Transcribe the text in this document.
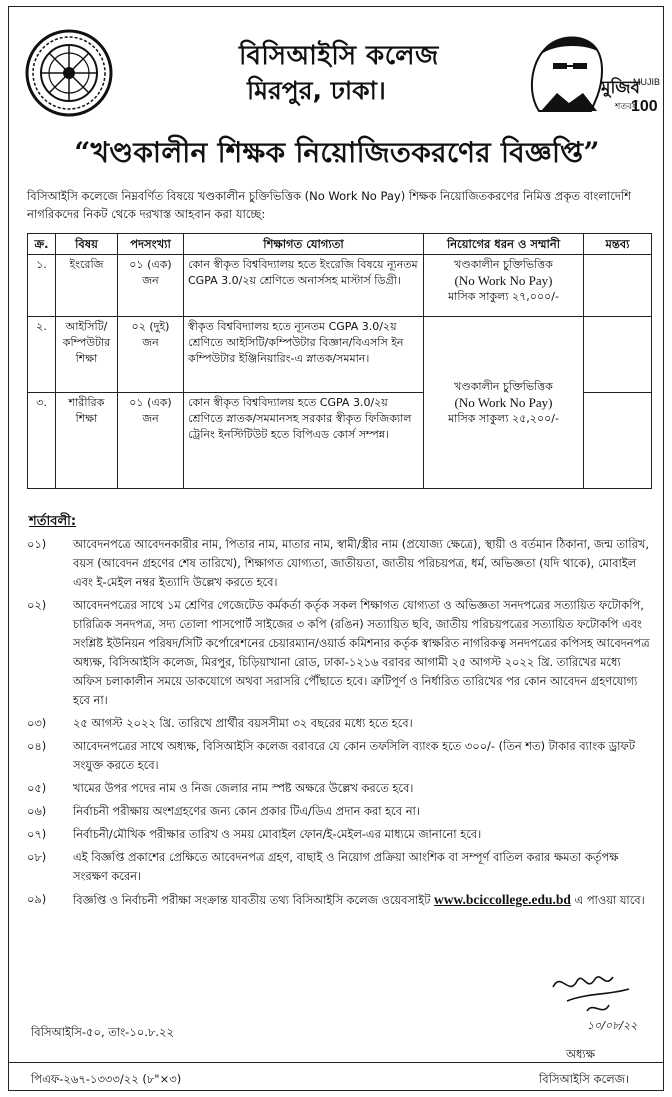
বিসিআইসি কলেজ
মিরপুর, ঢাকা।	মুজিব
শতবর্ষ
MUJIB
100
“খণ্ডকালীন শিক্ষক নিয়োজিতকরণের বিজ্ঞপ্তি”
বিসিআইসি কলেজে নিম্নবর্ণিত বিষয়ে খণ্ডকালীন চুক্তিভিত্তিক (No Work No Pay) শিক্ষক নিয়োজিতকরণের নিমিত্ত প্রকৃত বাংলাদেশি নাগরিকদের নিকট থেকে দরখাস্ত আহবান করা যাচ্ছে:
ক্র.	বিষয়	পদসংখ্যা	শিক্ষাগত যোগ্যতা	নিয়োগের ধরন ও সম্মানী	মন্তব্য
১.	ইংরেজি	০১ (এক) জন	কোন স্বীকৃত বিশ্ববিদ্যালয় হতে ইংরেজি বিষয়ে ন্যূনতম CGPA 3.0/২য় শ্রেণিতে অনার্সসহ মাস্টার্স ডিগ্রী।	খণ্ডকালীন চুক্তিভিত্তিক
(No Work No Pay)
মাসিক সাকুল্য ২৭,০০০/-	

২.	আইসিটি/ কম্পিউটার শিক্ষা	০২ (দুই) জন	স্বীকৃত বিশ্ববিদ্যালয় হতে ন্যূনতম CGPA 3.0/২য় শ্রেণিতে আইসিটি/কম্পিউটার বিজ্ঞান/বিএসসি ইন কম্পিউটার ইঞ্জিনিয়ারিং-এ স্নাতক/সমমান।	খণ্ডকালীন চুক্তিভিত্তিক
(No Work No Pay)
মাসিক সাকুল্য ২৫,২০০/-	

৩.	শারীরিক শিক্ষা	০১ (এক) জন	কোন স্বীকৃত বিশ্ববিদ্যালয় হতে CGPA 3.0/২য় শ্রেণিতে স্নাতক/সমমানসহ সরকার স্বীকৃত ফিজিক্যাল ট্রেনিং ইনস্টিটিউট হতে বিপিএড কোর্স সম্পন্ন।		
শর্তাবলী:
০১)	আবেদনপত্রে আবেদনকারীর নাম, পিতার নাম, মাতার নাম, স্বামী/স্ত্রীর নাম (প্রযোজ্য ক্ষেত্রে), স্থায়ী ও বর্তমান ঠিকানা, জন্ম তারিখ, বয়স (আবেদন গ্রহণের শেষ তারিখে), শিক্ষাগত যোগ্যতা, জাতীয়তা, জাতীয় পরিচয়পত্র, ধর্ম, অভিজ্ঞতা (যদি থাকে), মোবাইল এবং ই-মেইল নম্বর ইত্যাদি উল্লেখ করতে হবে।
০২)	আবেদনপত্রের সাথে ১ম শ্রেণির গেজেটেড কর্মকর্তা কর্তৃক সকল শিক্ষাগত যোগ্যতা ও অভিজ্ঞতা সনদপত্রের সত্যায়িত ফটোকপি, চারিত্রিক সনদপত্র, সদ্য তোলা পাসপোর্ট সাইজের ৩ কপি (রঙিন) সত্যায়িত ছবি, জাতীয় পরিচয়পত্রের সত্যায়িত ফটোকপি এবং সংশ্লিষ্ট ইউনিয়ন পরিষদ/সিটি কর্পোরেশনের চেয়ারম্যান/ওয়ার্ড কমিশনার কর্তৃক স্বাক্ষরিত নাগরিকত্ব সনদপত্রের কপিসহ আবেদনপত্র অধ্যক্ষ, বিসিআইসি কলেজ, মিরপুর, চিড়িয়াখানা রোড, ঢাকা-১২১৬ বরাবর আগামী ২৫ আগস্ট ২০২২ খ্রি. তারিখের মধ্যে অফিস চলাকালীন সময়ে ডাকযোগে অথবা সরাসরি পৌঁছাতে হবে। ত্রুটিপূর্ণ ও নির্ধারিত তারিখের পর কোন আবেদন গ্রহণযোগ্য হবে না।
০৩)	২৫ আগস্ট ২০২২ খ্রি. তারিখে প্রার্থীর বয়সসীমা ৩২ বছরের মধ্যে হতে হবে।
০৪)	আবেদনপত্রের সাথে অধ্যক্ষ, বিসিআইসি কলেজ বরাবরে যে কোন তফসিলি ব্যাংক হতে ৩০০/- (তিন শত) টাকার ব্যাংক ড্রাফট সংযুক্ত করতে হবে।
০৫)	খামের উপর পদের নাম ও নিজ জেলার নাম স্পষ্ট অক্ষরে উল্লেখ করতে হবে।
০৬)	নির্বাচনী পরীক্ষায় অংশগ্রহণের জন্য কোন প্রকার টিএ/ডিএ প্রদান করা হবে না।
০৭)	নির্বাচনী/মৌখিক পরীক্ষার তারিখ ও সময় মোবাইল ফোন/ই-মেইল-এর মাধ্যমে জানানো হবে।
০৮)	এই বিজ্ঞপ্তি প্রকাশের প্রেক্ষিতে আবেদনপত্র গ্রহণ, বাছাই ও নিয়োগ প্রক্রিয়া আংশিক বা সম্পূর্ণ বাতিল করার ক্ষমতা কর্তৃপক্ষ সংরক্ষণ করেন।
০৯)	বিজ্ঞপ্তি ও নির্বাচনী পরীক্ষা সংক্রান্ত যাবতীয় তথ্য বিসিআইসি কলেজ ওয়েবসাইট www.bciccollege.edu.bd এ পাওয়া যাবে।
১০/০৮/২২
বিসিআইসি-৫০, তাং-১০.৮.২২
অধ্যক্ষ
পিএফ-২৬৭-১৩৩৩/২২ (৮"×৩)	বিসিআইসি কলেজ।
